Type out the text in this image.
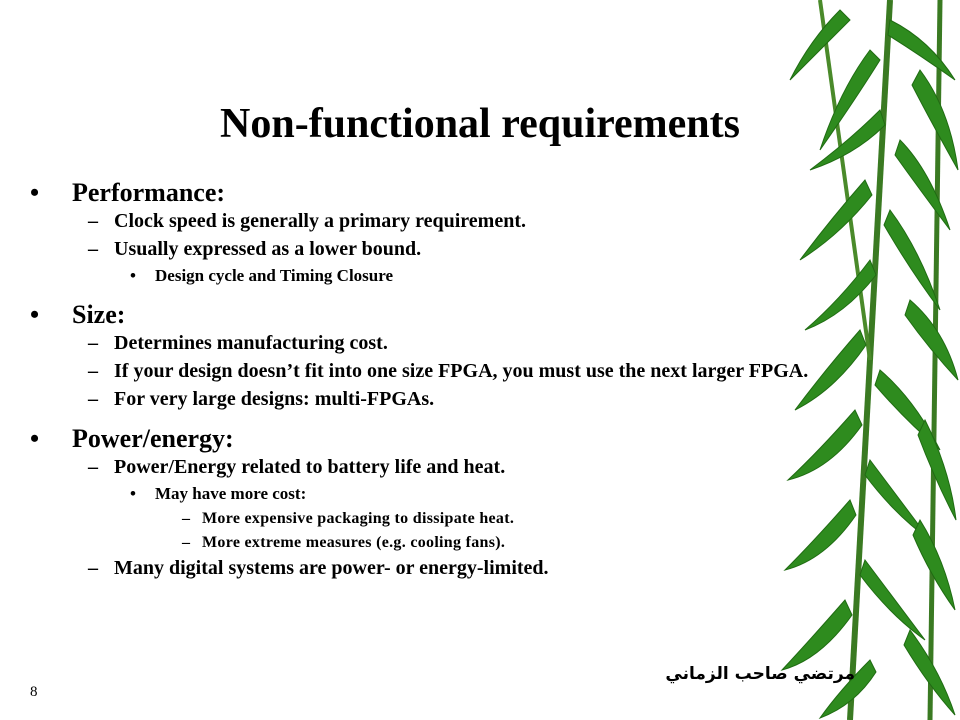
Non-functional requirements
• Performance:
– Clock speed is generally a primary requirement.
– Usually expressed as a lower bound.
• Design cycle and Timing Closure
• Size:
– Determines manufacturing cost.
– If your design doesn’t fit into one size FPGA, you must use the next larger FPGA.
– For very large designs: multi-FPGAs.
• Power/energy:
– Power/Energy related to battery life and heat.
• May have more cost:
– More expensive packaging to dissipate heat.
– More extreme measures (e.g. cooling fans).
– Many digital systems are power- or energy-limited.
8
مرتضي صاحب الزماني
